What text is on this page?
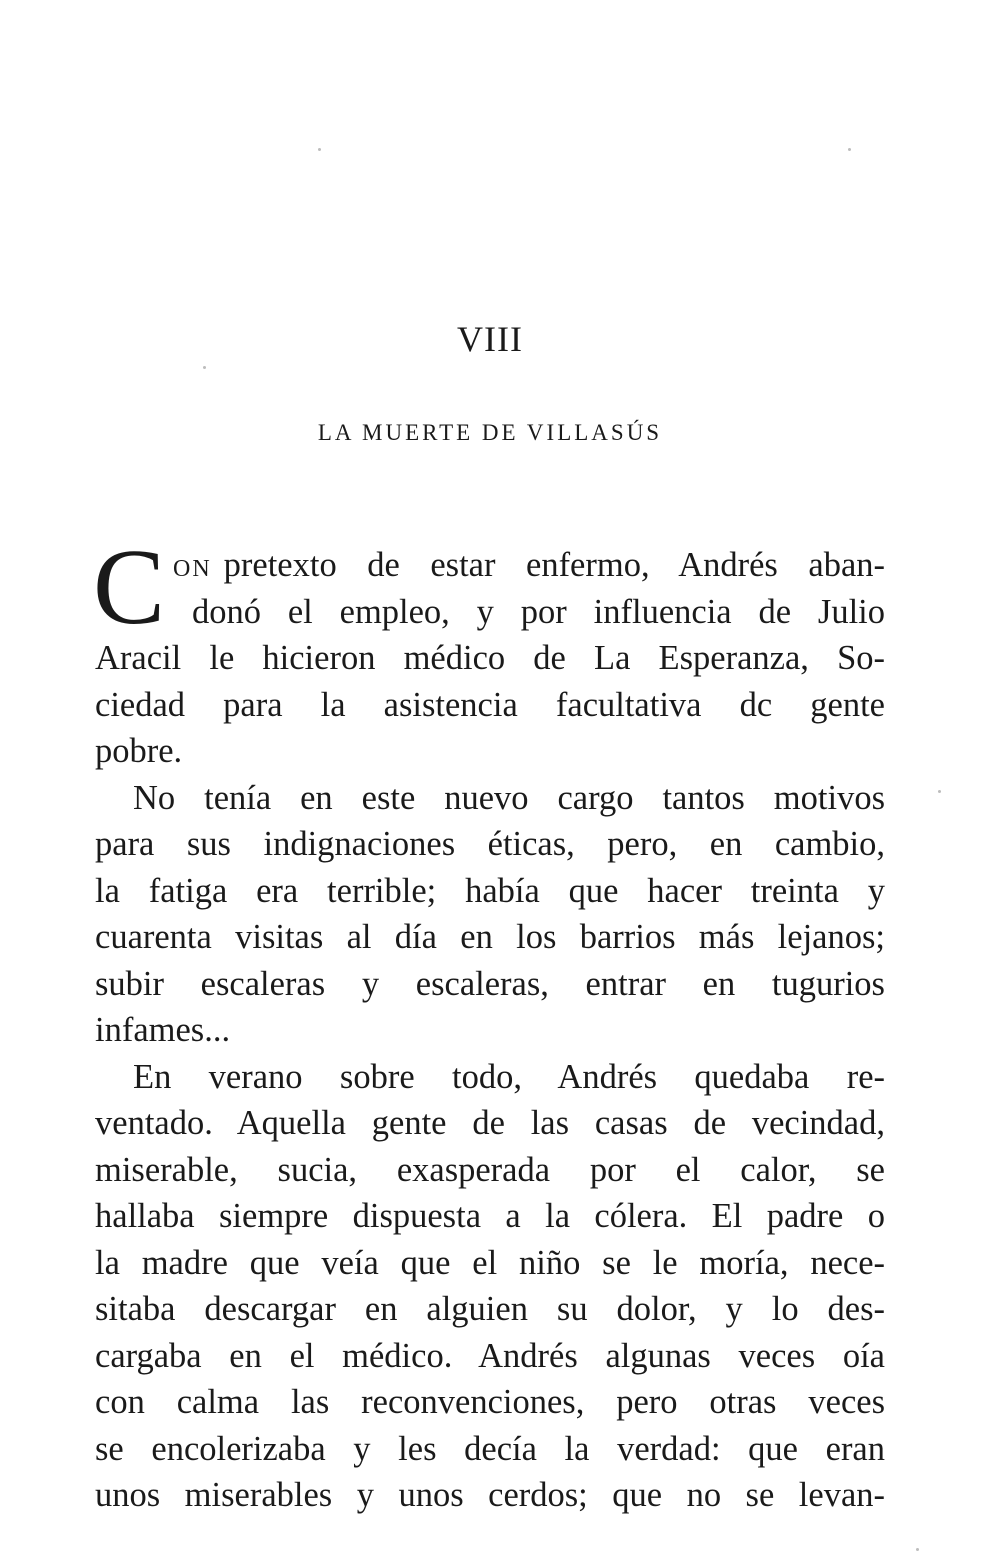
VIII
LA MUERTE DE VILLASÚS
C ON pretexto de estar enfermo, Andrés aban-
donó el empleo, y por influencia de Julio
Aracil le hicieron médico de La Esperanza, So-
ciedad para la asistencia facultativa dc gente
pobre.
No tenía en este nuevo cargo tantos motivos
para sus indignaciones éticas, pero, en cambio,
la fatiga era terrible; había que hacer treinta y
cuarenta visitas al día en los barrios más lejanos;
subir escaleras y escaleras, entrar en tugurios
infames...
En verano sobre todo, Andrés quedaba re-
ventado. Aquella gente de las casas de vecindad,
miserable, sucia, exasperada por el calor, se
hallaba siempre dispuesta a la cólera. El padre o
la madre que veía que el niño se le moría, nece-
sitaba descargar en alguien su dolor, y lo des-
cargaba en el médico. Andrés algunas veces oía
con calma las reconvenciones, pero otras veces
se encolerizaba y les decía la verdad: que eran
unos miserables y unos cerdos; que no se levan-
